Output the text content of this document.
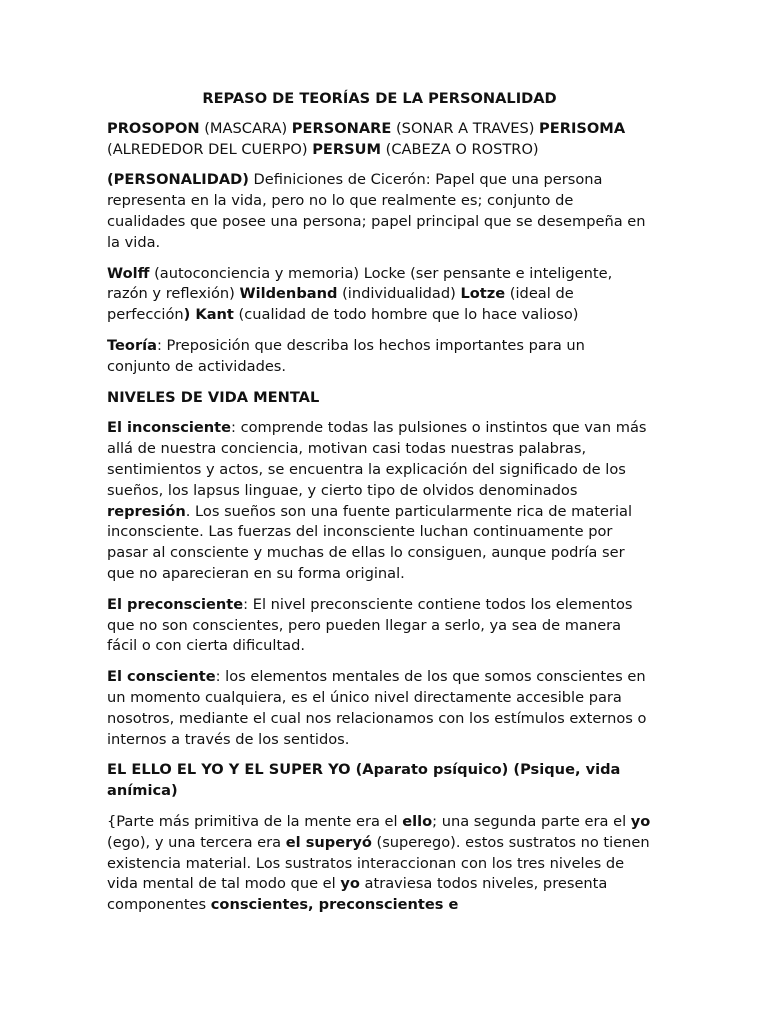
REPASO DE TEORÍAS DE LA PERSONALIDAD

PROSOPON (MASCARA) PERSONARE (SONAR A TRAVES) PERISOMA (ALREDEDOR DEL CUERPO) PERSUM (CABEZA O ROSTRO)

(PERSONALIDAD) Definiciones de Cicerón: Papel que una persona representa en la vida, pero no lo que realmente es; conjunto de cualidades que posee una persona; papel principal que se desempeña en la vida.

Wolff (autoconciencia y memoria) Locke (ser pensante e inteligente, razón y reflexión) Wildenband (individualidad) Lotze (ideal de perfección) Kant (cualidad de todo hombre que lo hace valioso)

Teoría: Preposición que describa los hechos importantes para un conjunto de actividades.

NIVELES DE VIDA MENTAL

El inconsciente: comprende todas las pulsiones o instintos que van más allá de nuestra conciencia, motivan casi todas nuestras palabras, sentimientos y actos, se encuentra la explicación del significado de los sueños, los lapsus linguae, y cierto tipo de olvidos denominados represión. Los sueños son una fuente particularmente rica de material inconsciente. Las fuerzas del inconsciente luchan continuamente por pasar al consciente y muchas de ellas lo consiguen, aunque podría ser que no aparecieran en su forma original.

El preconsciente: El nivel preconsciente contiene todos los elementos que no son conscientes, pero pueden llegar a serlo, ya sea de manera fácil o con cierta dificultad.

El consciente: los elementos mentales de los que somos conscientes en un momento cualquiera, es el único nivel directamente accesible para nosotros, mediante el cual nos relacionamos con los estímulos externos o internos a través de los sentidos.

EL ELLO EL YO Y EL SUPER YO (Aparato psíquico) (Psique, vida anímica)

{Parte más primitiva de la mente era el ello; una segunda parte era el yo (ego), y una tercera era el superyó (superego). estos sustratos no tienen existencia material. Los sustratos interaccionan con los tres niveles de vida mental de tal modo que el yo atraviesa todos niveles, presenta componentes conscientes, preconscientes e
